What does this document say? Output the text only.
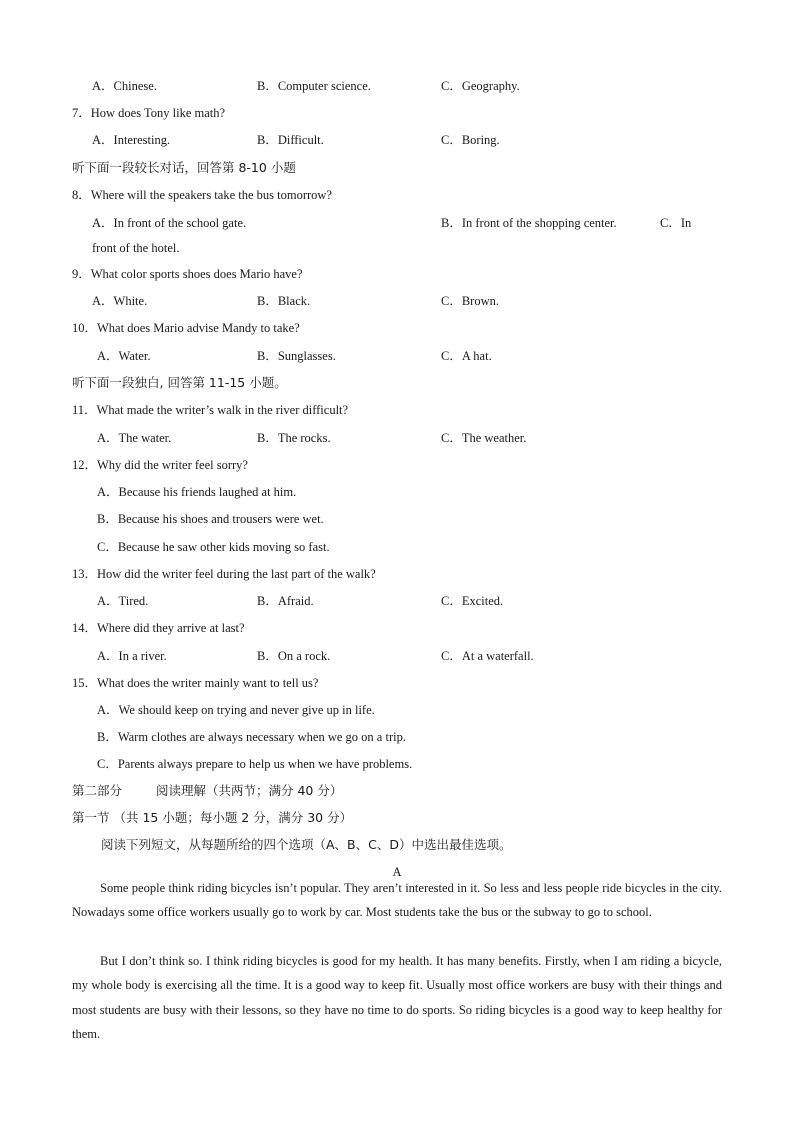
A．Chinese.	B．Computer science.	C．Geography.
7．How does Tony like math?
A．Interesting.	B．Difficult.	C．Boring.
听下面一段较长对话，回答第 8-10 小题
8．Where will the speakers take the bus tomorrow?
A．In front of the school gate.	B．In front of the shopping center.	C．In
front of the hotel.
9．What color sports shoes does Mario have?
A．White.	B．Black.	C．Brown.
10．What does Mario advise Mandy to take?
A．Water.	B．Sunglasses.	C．A hat.
听下面一段独白, 回答第 11-15 小题。
11．What made the writer’s walk in the river difficult?
A．The water.	B．The rocks.	C．The weather.
12．Why did the writer feel sorry?
A．Because his friends laughed at him.
B．Because his shoes and trousers were wet.
C．Because he saw other kids moving so fast.
13．How did the writer feel during the last part of the walk?
A．Tired.	B．Afraid.	C．Excited.
14．Where did they arrive at last?
A．In a river.	B．On a rock.	C．At a waterfall.
15．What does the writer mainly want to tell us?
A．We should keep on trying and never give up in life.
B．Warm clothes are always necessary when we go on a trip.
C．Parents always prepare to help us when we have problems.
第二部分	阅读理解（共两节；满分 40 分）
第一节 （共 15 小题；每小题 2 分，满分 30 分）
阅读下列短文，从每题所给的四个选项（A、B、C、D）中选出最佳选项。
A
Some people think riding bicycles isn’t popular. They aren’t interested in it. So less and less people ride bicycles in the city. Nowadays some office workers usually go to work by car. Most students take the bus or the subway to go to school.
But I don’t think so. I think riding bicycles is good for my health. It has many benefits. Firstly, when I am riding a bicycle, my whole body is exercising all the time. It is a good way to keep fit. Usually most office workers are busy with their things and most students are busy with their lessons, so they have no time to do sports. So riding bicycles is a good way to keep healthy for them.
